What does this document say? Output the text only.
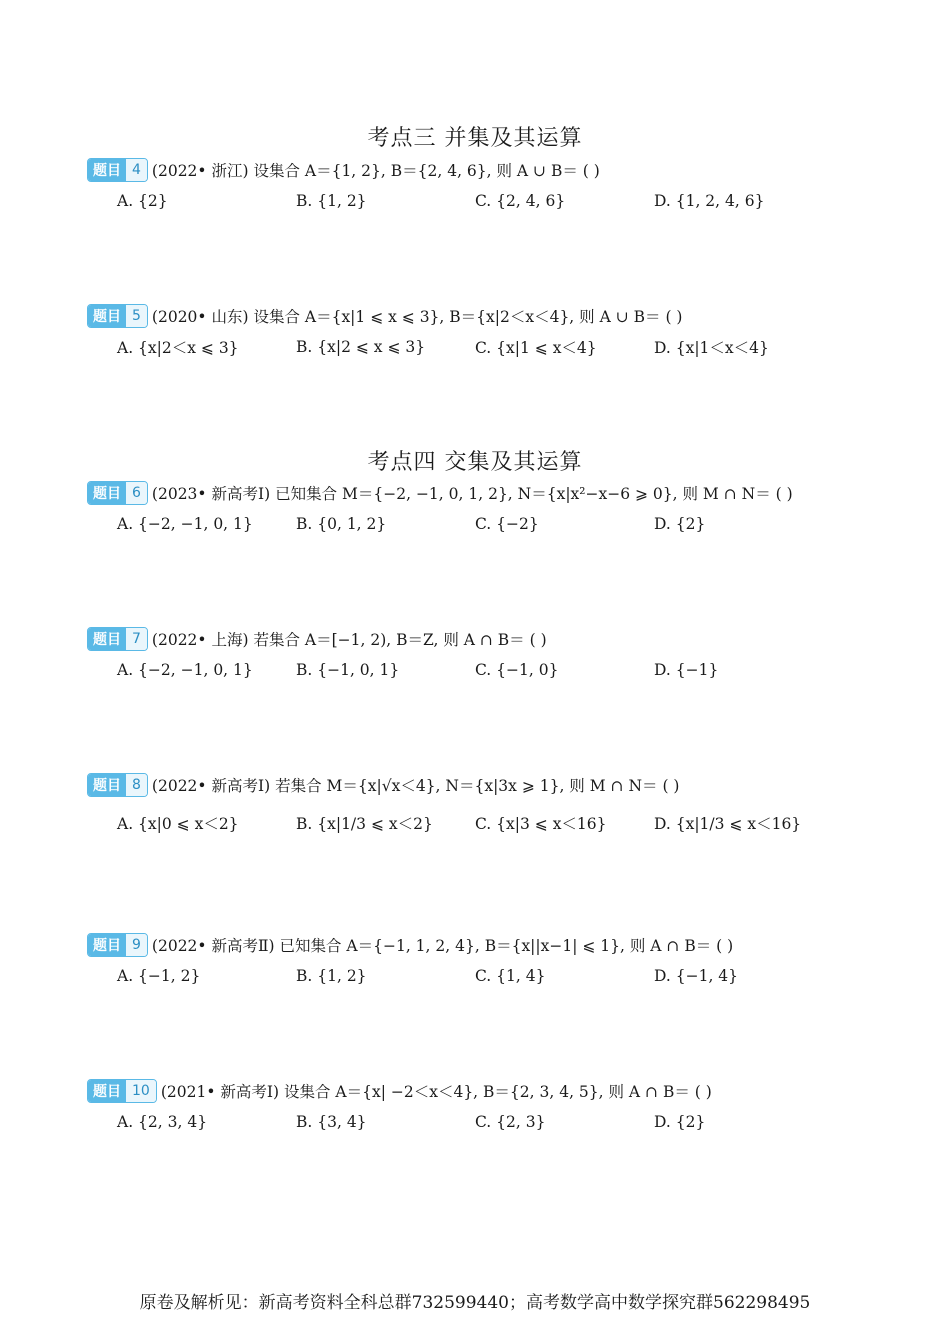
考点三 并集及其运算
题目 4 (2022• 浙江) 设集合 A＝{1, 2}, B＝{2, 4, 6}, 则 A ∪ B＝ ( )
A. {2}	B. {1, 2}	C. {2, 4, 6}	D. {1, 2, 4, 6}
题目 5 (2020• 山东) 设集合 A＝{x|1 ⩽ x ⩽ 3}, B＝{x|2＜x＜4}, 则 A ∪ B＝ ( )
A. {x|2＜x ⩽ 3}	B. {x|2 ⩽ x ⩽ 3}	C. {x|1 ⩽ x＜4}	D. {x|1＜x＜4}
考点四 交集及其运算
题目 6 (2023• 新高考Ⅰ) 已知集合 M＝{−2, −1, 0, 1, 2}, N＝{x|x²−x−6 ⩾ 0}, 则 M ∩ N＝ ( )
A. {−2, −1, 0, 1}	B. {0, 1, 2}	C. {−2}	D. {2}
题目 7 (2022• 上海) 若集合 A＝[−1, 2), B＝Z, 则 A ∩ B＝ ( )
A. {−2, −1, 0, 1}	B. {−1, 0, 1}	C. {−1, 0}	D. {−1}
题目 8 (2022• 新高考Ⅰ) 若集合 M＝{x|√x＜4}, N＝{x|3x ⩾ 1}, 则 M ∩ N＝ ( )
A. {x|0 ⩽ x＜2}	B. {x|1/3 ⩽ x＜2}	C. {x|3 ⩽ x＜16}	D. {x|1/3 ⩽ x＜16}
题目 9 (2022• 新高考Ⅱ) 已知集合 A＝{−1, 1, 2, 4}, B＝{x||x−1| ⩽ 1}, 则 A ∩ B＝ ( )
A. {−1, 2}	B. {1, 2}	C. {1, 4}	D. {−1, 4}
题目 10 (2021• 新高考Ⅰ) 设集合 A＝{x| −2＜x＜4}, B＝{2, 3, 4, 5}, 则 A ∩ B＝ ( )
A. {2, 3, 4}	B. {3, 4}	C. {2, 3}	D. {2}
原卷及解析见：新高考资料全科总群732599440；高考数学高中数学探究群562298495
